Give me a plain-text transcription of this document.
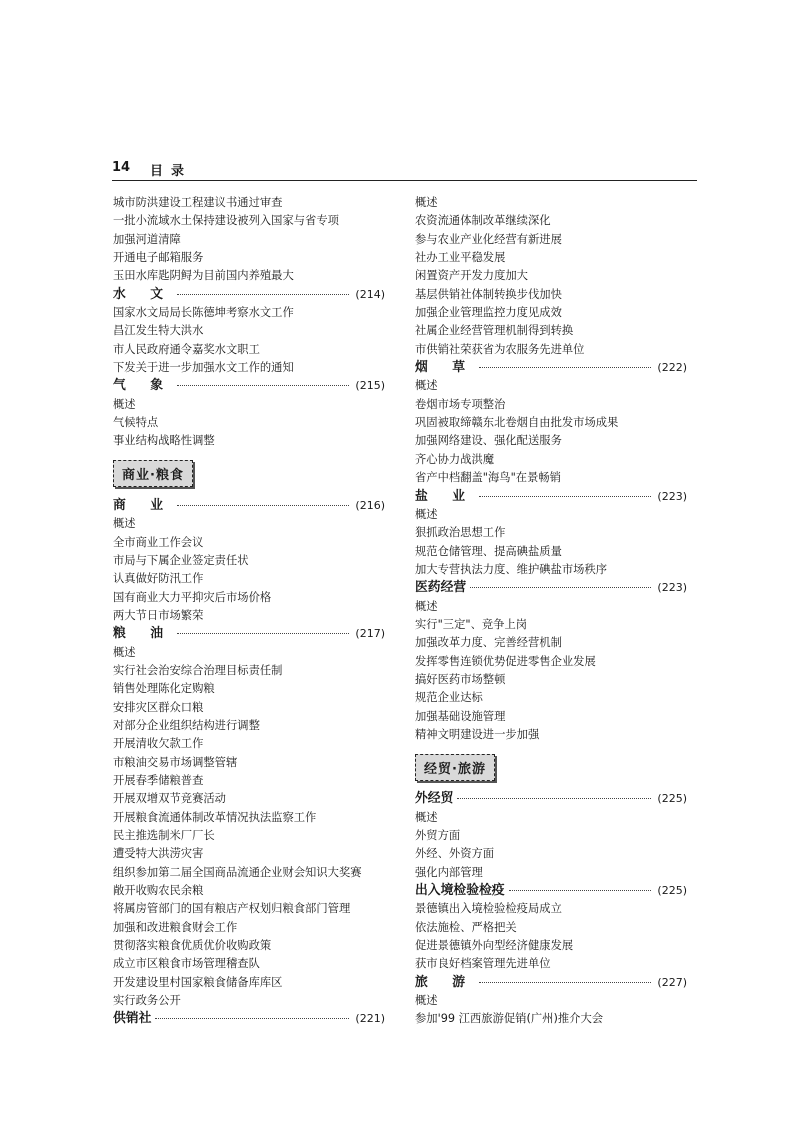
14 目录
城市防洪建设工程建议书通过审查
一批小流域水土保持建设被列入国家与省专项
加强河道清障
开通电子邮箱服务
玉田水库匙阴鲟为目前国内养殖最大
水 文	(214)
国家水文局局长陈德坤考察水文工作
昌江发生特大洪水
市人民政府通令嘉奖水文职工
下发关于进一步加强水文工作的通知
气 象	(215)
概述
气候特点
事业结构战略性调整
商业·粮食
商 业	(216)
概述
全市商业工作会议
市局与下属企业签定责任状
认真做好防汛工作
国有商业大力平抑灾后市场价格
两大节日市场繁荣
粮 油	(217)
概述
实行社会治安综合治理目标责任制
销售处理陈化定购粮
安排灾区群众口粮
对部分企业组织结构进行调整
开展清收欠款工作
市粮油交易市场调整管辖
开展春季储粮普查
开展双增双节竞赛活动
开展粮食流通体制改革情况执法监察工作
民主推选制米厂厂长
遭受特大洪涝灾害
组织参加第二届全国商品流通企业财会知识大奖赛
敞开收购农民余粮
将属房管部门的国有粮店产权划归粮食部门管理
加强和改进粮食财会工作
贯彻落实粮食优质优价收购政策
成立市区粮食市场管理稽查队
开发建设里村国家粮食储备库库区
实行政务公开
供销社	(221)
概述
农资流通体制改革继续深化
参与农业产业化经营有新进展
社办工业平稳发展
闲置资产开发力度加大
基层供销社体制转换步伐加快
加强企业管理监控力度见成效
社属企业经营管理机制得到转换
市供销社荣获省为农服务先进单位
烟 草	(222)
概述
卷烟市场专项整治
巩固被取缔赣东北卷烟自由批发市场成果
加强网络建设、强化配送服务
齐心协力战洪魔
省产中档翻盖"海鸟"在景畅销
盐 业	(223)
概述
狠抓政治思想工作
规范仓储管理、提高碘盐质量
加大专营执法力度、维护碘盐市场秩序
医药经营	(223)
概述
实行"三定"、竞争上岗
加强改革力度、完善经营机制
发挥零售连锁优势促进零售企业发展
搞好医药市场整顿
规范企业达标
加强基础设施管理
精神文明建设进一步加强
经贸·旅游
外经贸	(225)
概述
外贸方面
外经、外资方面
强化内部管理
出入境检验检疫	(225)
景德镇出入境检验检疫局成立
依法施检、严格把关
促进景德镇外向型经济健康发展
获市良好档案管理先进单位
旅 游	(227)
概述
参加'99 江西旅游促销(广州)推介大会
